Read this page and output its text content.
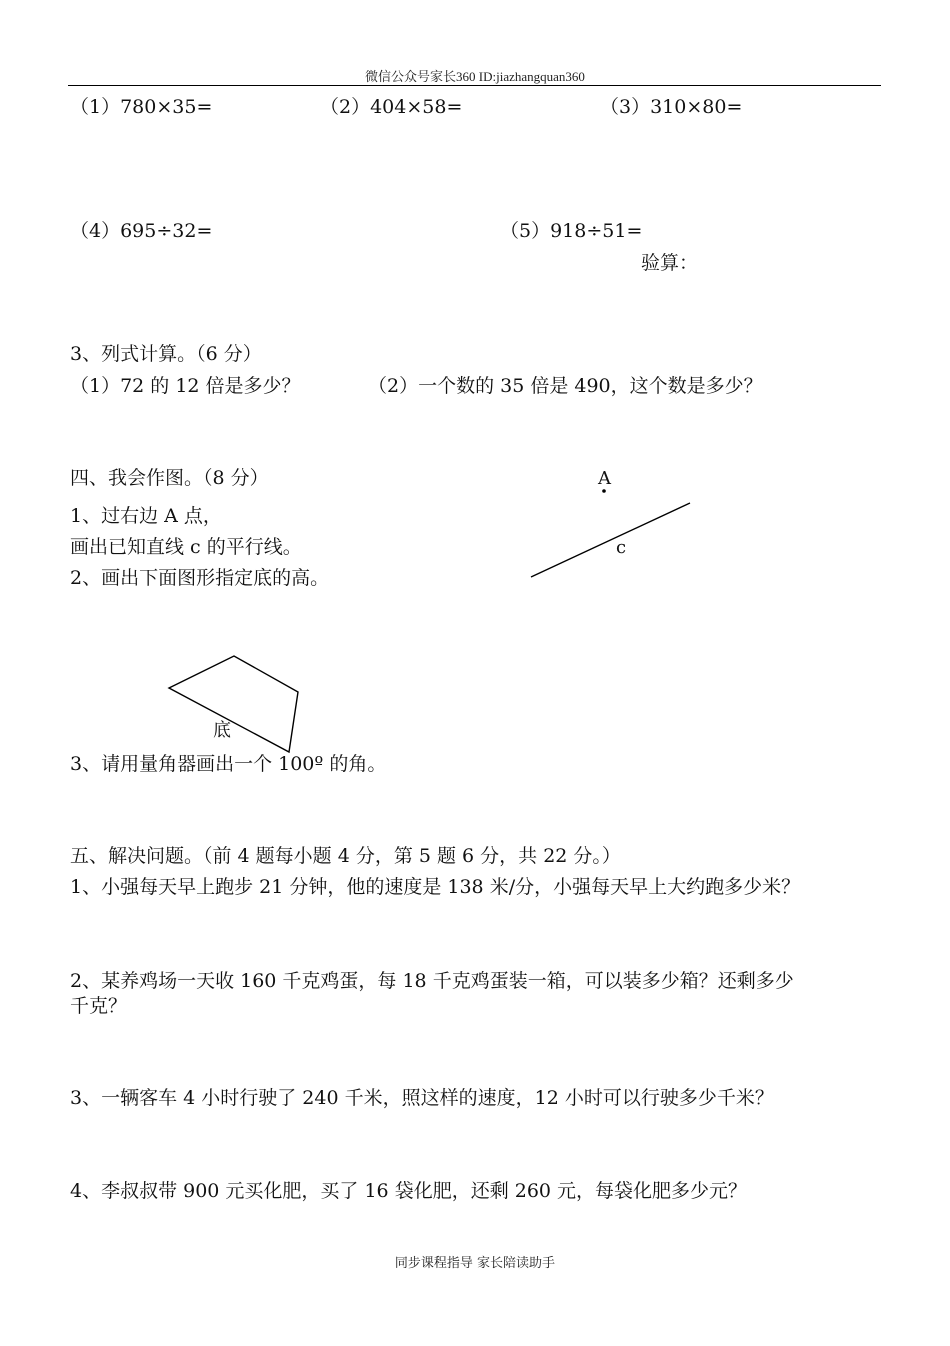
微信公众号家长360 ID:jiazhangquan360
（1）780×35=	（2）404×58=	（3）310×80=
（4）695÷32=	（5）918÷51=
验算：
3、列式计算。（6 分）
（1）72 的 12 倍是多少？	（2）一个数的 35 倍是 490，这个数是多少？
四、我会作图。（8 分）
1、过右边 A 点，
画出已知直线 c 的平行线。
2、画出下面图形指定底的高。
A
c
底
3、请用量角器画出一个 100º 的角。
五、解决问题。（前 4 题每小题 4 分，第 5 题 6 分，共 22 分。）
1、小强每天早上跑步 21 分钟，他的速度是 138 米/分，小强每天早上大约跑多少米？
2、某养鸡场一天收 160 千克鸡蛋，每 18 千克鸡蛋装一箱，可以装多少箱？还剩多少
千克？
3、一辆客车 4 小时行驶了 240 千米，照这样的速度，12 小时可以行驶多少千米？
4、李叔叔带 900 元买化肥，买了 16 袋化肥，还剩 260 元，每袋化肥多少元？
同步课程指导 家长陪读助手
